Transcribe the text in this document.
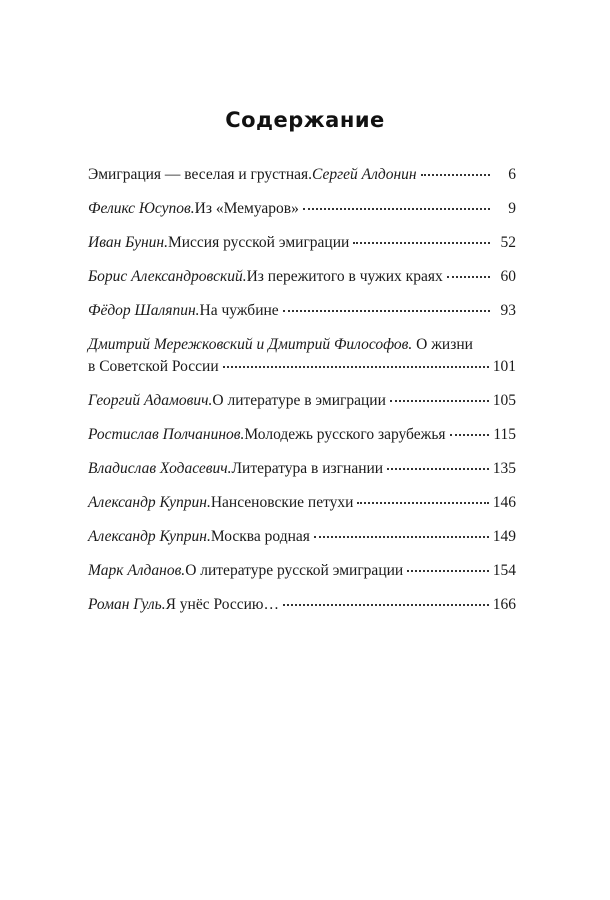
Содержание
Эмиграция — веселая и грустная. Сергей Алдонин	6
Феликс Юсупов. Из «Мемуаров»	9
Иван Бунин. Миссия русской эмиграции	52
Борис Александровский. Из пережитого в чужих краях	60
Фёдор Шаляпин. На чужбине	93
Дмитрий Мережковский и Дмитрий Философов. О жизни
в Советской России	101
Георгий Адамович. О литературе в эмиграции	105
Ростислав Полчанинов. Молодежь русского зарубежья	115
Владислав Ходасевич. Литература в изгнании	135
Александр Куприн. Нансеновские петухи	146
Александр Куприн. Москва родная	149
Марк Алданов. О литературе русской эмиграции	154
Роман Гуль. Я унёс Россию…	166
